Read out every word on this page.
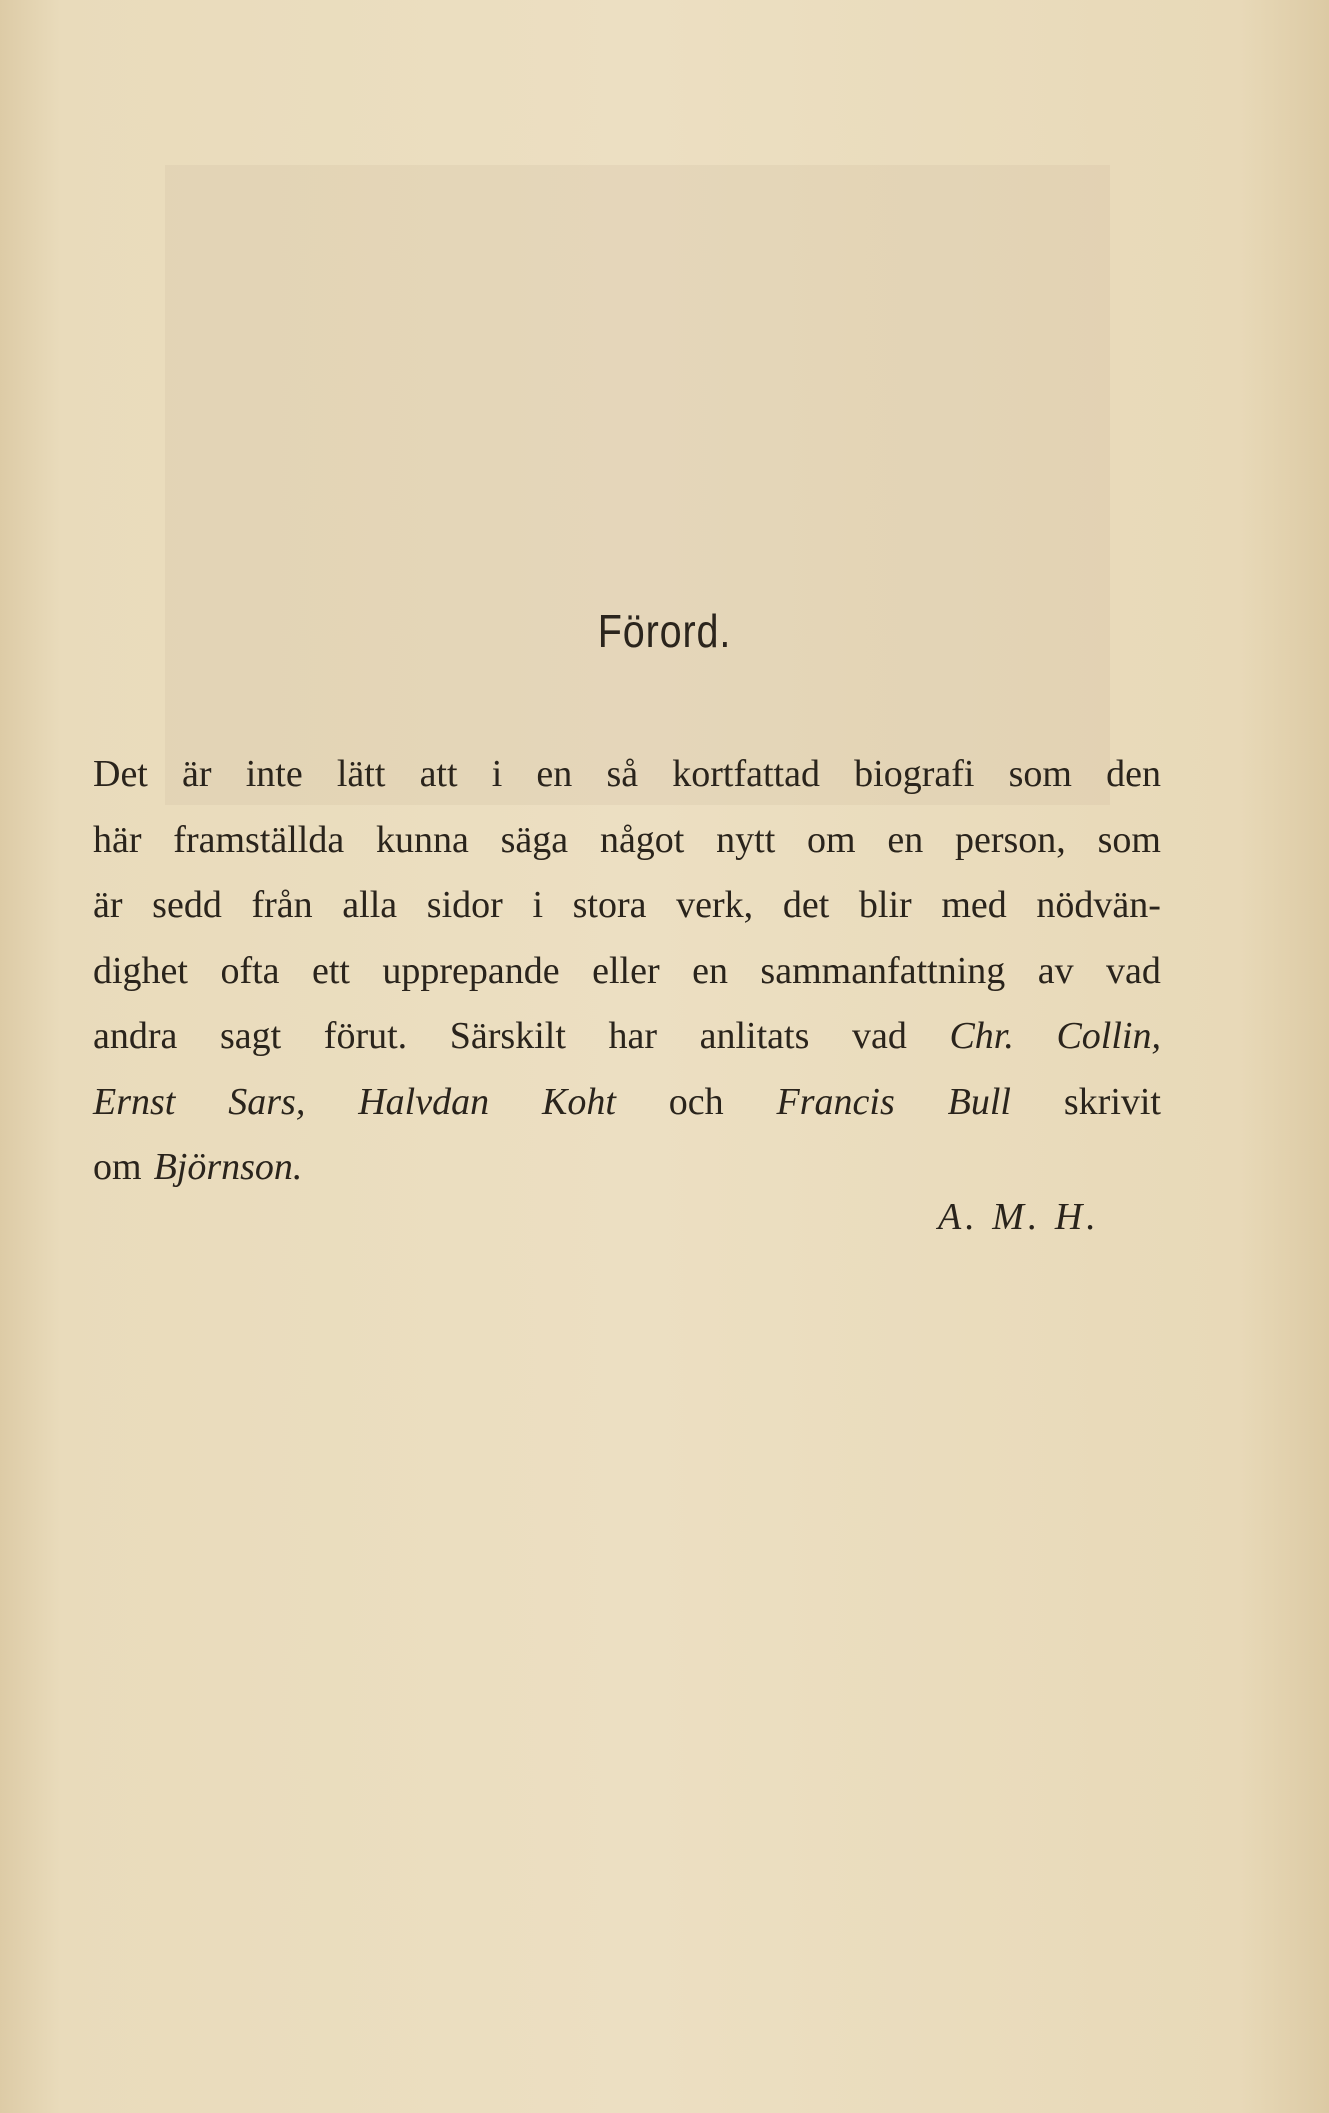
Förord.
Det är inte lätt att i en så kortfattad biografi som den
här framställda kunna säga något nytt om en person, som
är sedd från alla sidor i stora verk, det blir med nödvän-
dighet ofta ett upprepande eller en sammanfattning av vad
andra sagt förut. Särskilt har anlitats vad Chr. Collin,
Ernst Sars, Halvdan Koht och Francis Bull skrivit
om Björnson.
A. M. H.
